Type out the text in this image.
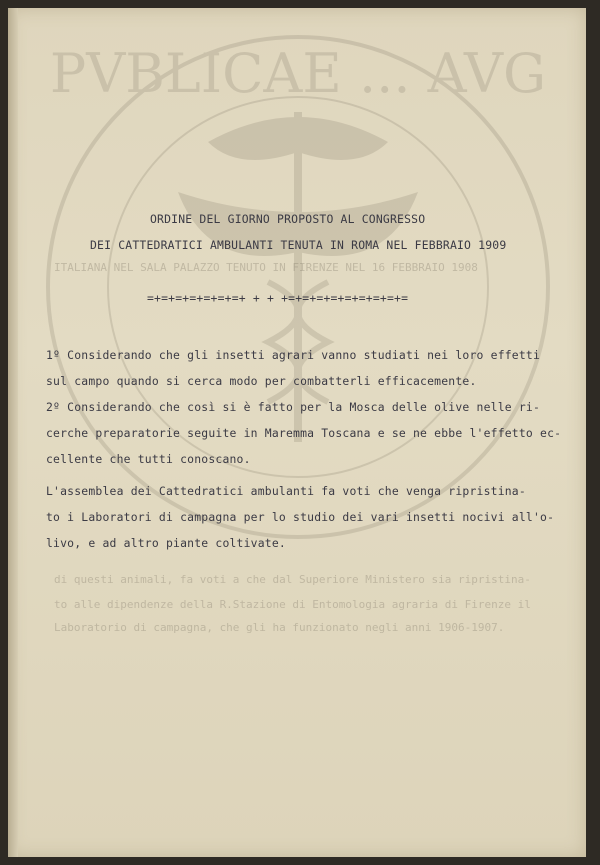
PVBLICAE ... AVG
ITALIANA NEL SALA PALAZZO TENUTO IN FIRENZE NEL 16 FEBBRAIO 1908
di questi animali, fa voti a che dal Superiore Ministero sia ripristina-
to alle dipendenze della R.Stazione di Entomologia agraria di Firenze il
Laboratorio di campagna, che gli ha funzionato negli anni 1906-1907.
ORDINE DEL GIORNO PROPOSTO AL CONGRESSO
DEI CATTEDRATICI AMBULANTI TENUTA IN ROMA NEL FEBBRAIO 1909
=+=+=+=+=+=+=+ + + +=+=+=+=+=+=+=+=+=
1º Considerando che gli insetti agrari vanno studiati nei loro effetti
sul campo quando si cerca modo per combatterli efficacemente.
2º Considerando che così si è fatto per la Mosca delle olive nelle ri-
cerche preparatorie seguite in Maremma Toscana e se ne ebbe l'effetto ec-
cellente che tutti conoscano.
L'assemblea dei Cattedratici ambulanti fa voti che venga ripristina-
to i Laboratori di campagna per lo studio dei vari insetti nocivi all'o-
livo, e ad altro piante coltivate.
